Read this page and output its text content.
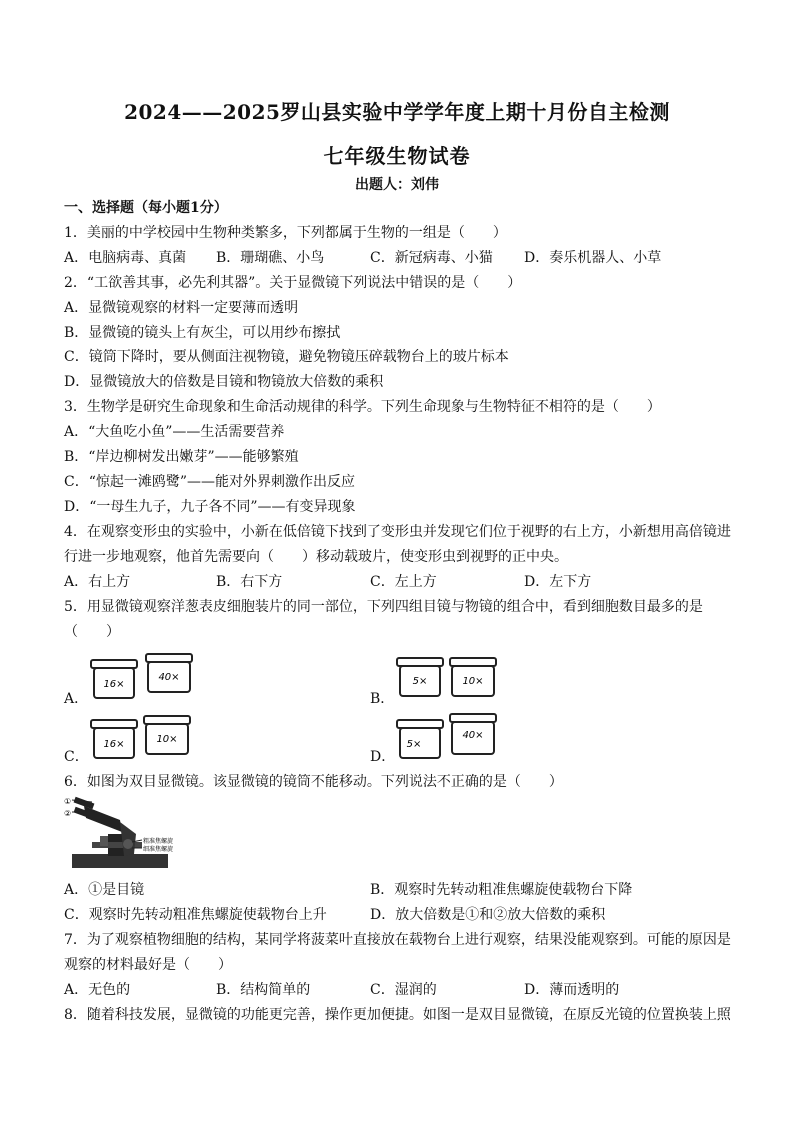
2024——2025罗山县实验中学学年度上期十月份自主检测
七年级生物试卷
出题人：刘伟
一、选择题（每小题1分）
1．美丽的中学校园中生物种类繁多，下列都属于生物的一组是（　　）
A．电脑病毒、真菌 B．珊瑚礁、小鸟	C．新冠病毒、小猫 D．奏乐机器人、小草
2．“工欲善其事，必先利其器”。关于显微镜下列说法中错误的是（　　）
A．显微镜观察的材料一定要薄而透明
B．显微镜的镜头上有灰尘，可以用纱布擦拭
C．镜筒下降时，要从侧面注视物镜，避免物镜压碎载物台上的玻片标本
D．显微镜放大的倍数是目镜和物镜放大倍数的乘积
3．生物学是研究生命现象和生命活动规律的科学。下列生命现象与生物特征不相符的是（　　）
A．“大鱼吃小鱼”——生活需要营养
B．“岸边柳树发出嫩芽”——能够繁殖
C．“惊起一滩鸥鹭”——能对外界刺激作出反应
D．“一母生九子，九子各不同”——有变异现象
4．在观察变形虫的实验中，小新在低倍镜下找到了变形虫并发现它们位于视野的右上方，小新想用高倍镜进
行进一步地观察，他首先需要向（　　）移动载玻片，使变形虫到视野的正中央。
A．右上方	B．右下方	C．左上方	D．左下方
5．用显微镜观察洋葱表皮细胞装片的同一部位，下列四组目镜与物镜的组合中，看到细胞数目最多的是
（　　）
A．
16×
40×
B．
5×	10×
C．
16×	10×
D．
5×
40×
6．如图为双目显微镜。该显微镜的镜筒不能移动。下列说法不正确的是（　　）
①
②
粗准焦螺旋
细准焦螺旋
A．①是目镜	B．观察时先转动粗准焦螺旋使载物台下降
C．观察时先转动粗准焦螺旋使载物台上升	D．放大倍数是①和②放大倍数的乘积
7．为了观察植物细胞的结构，某同学将菠菜叶直接放在载物台上进行观察，结果没能观察到。可能的原因是
观察的材料最好是（　　）
A．无色的	B．结构简单的	C．湿润的	D．薄而透明的
8．随着科技发展，显微镜的功能更完善，操作更加便捷。如图一是双目显微镜，在原反光镜的位置换装上照
